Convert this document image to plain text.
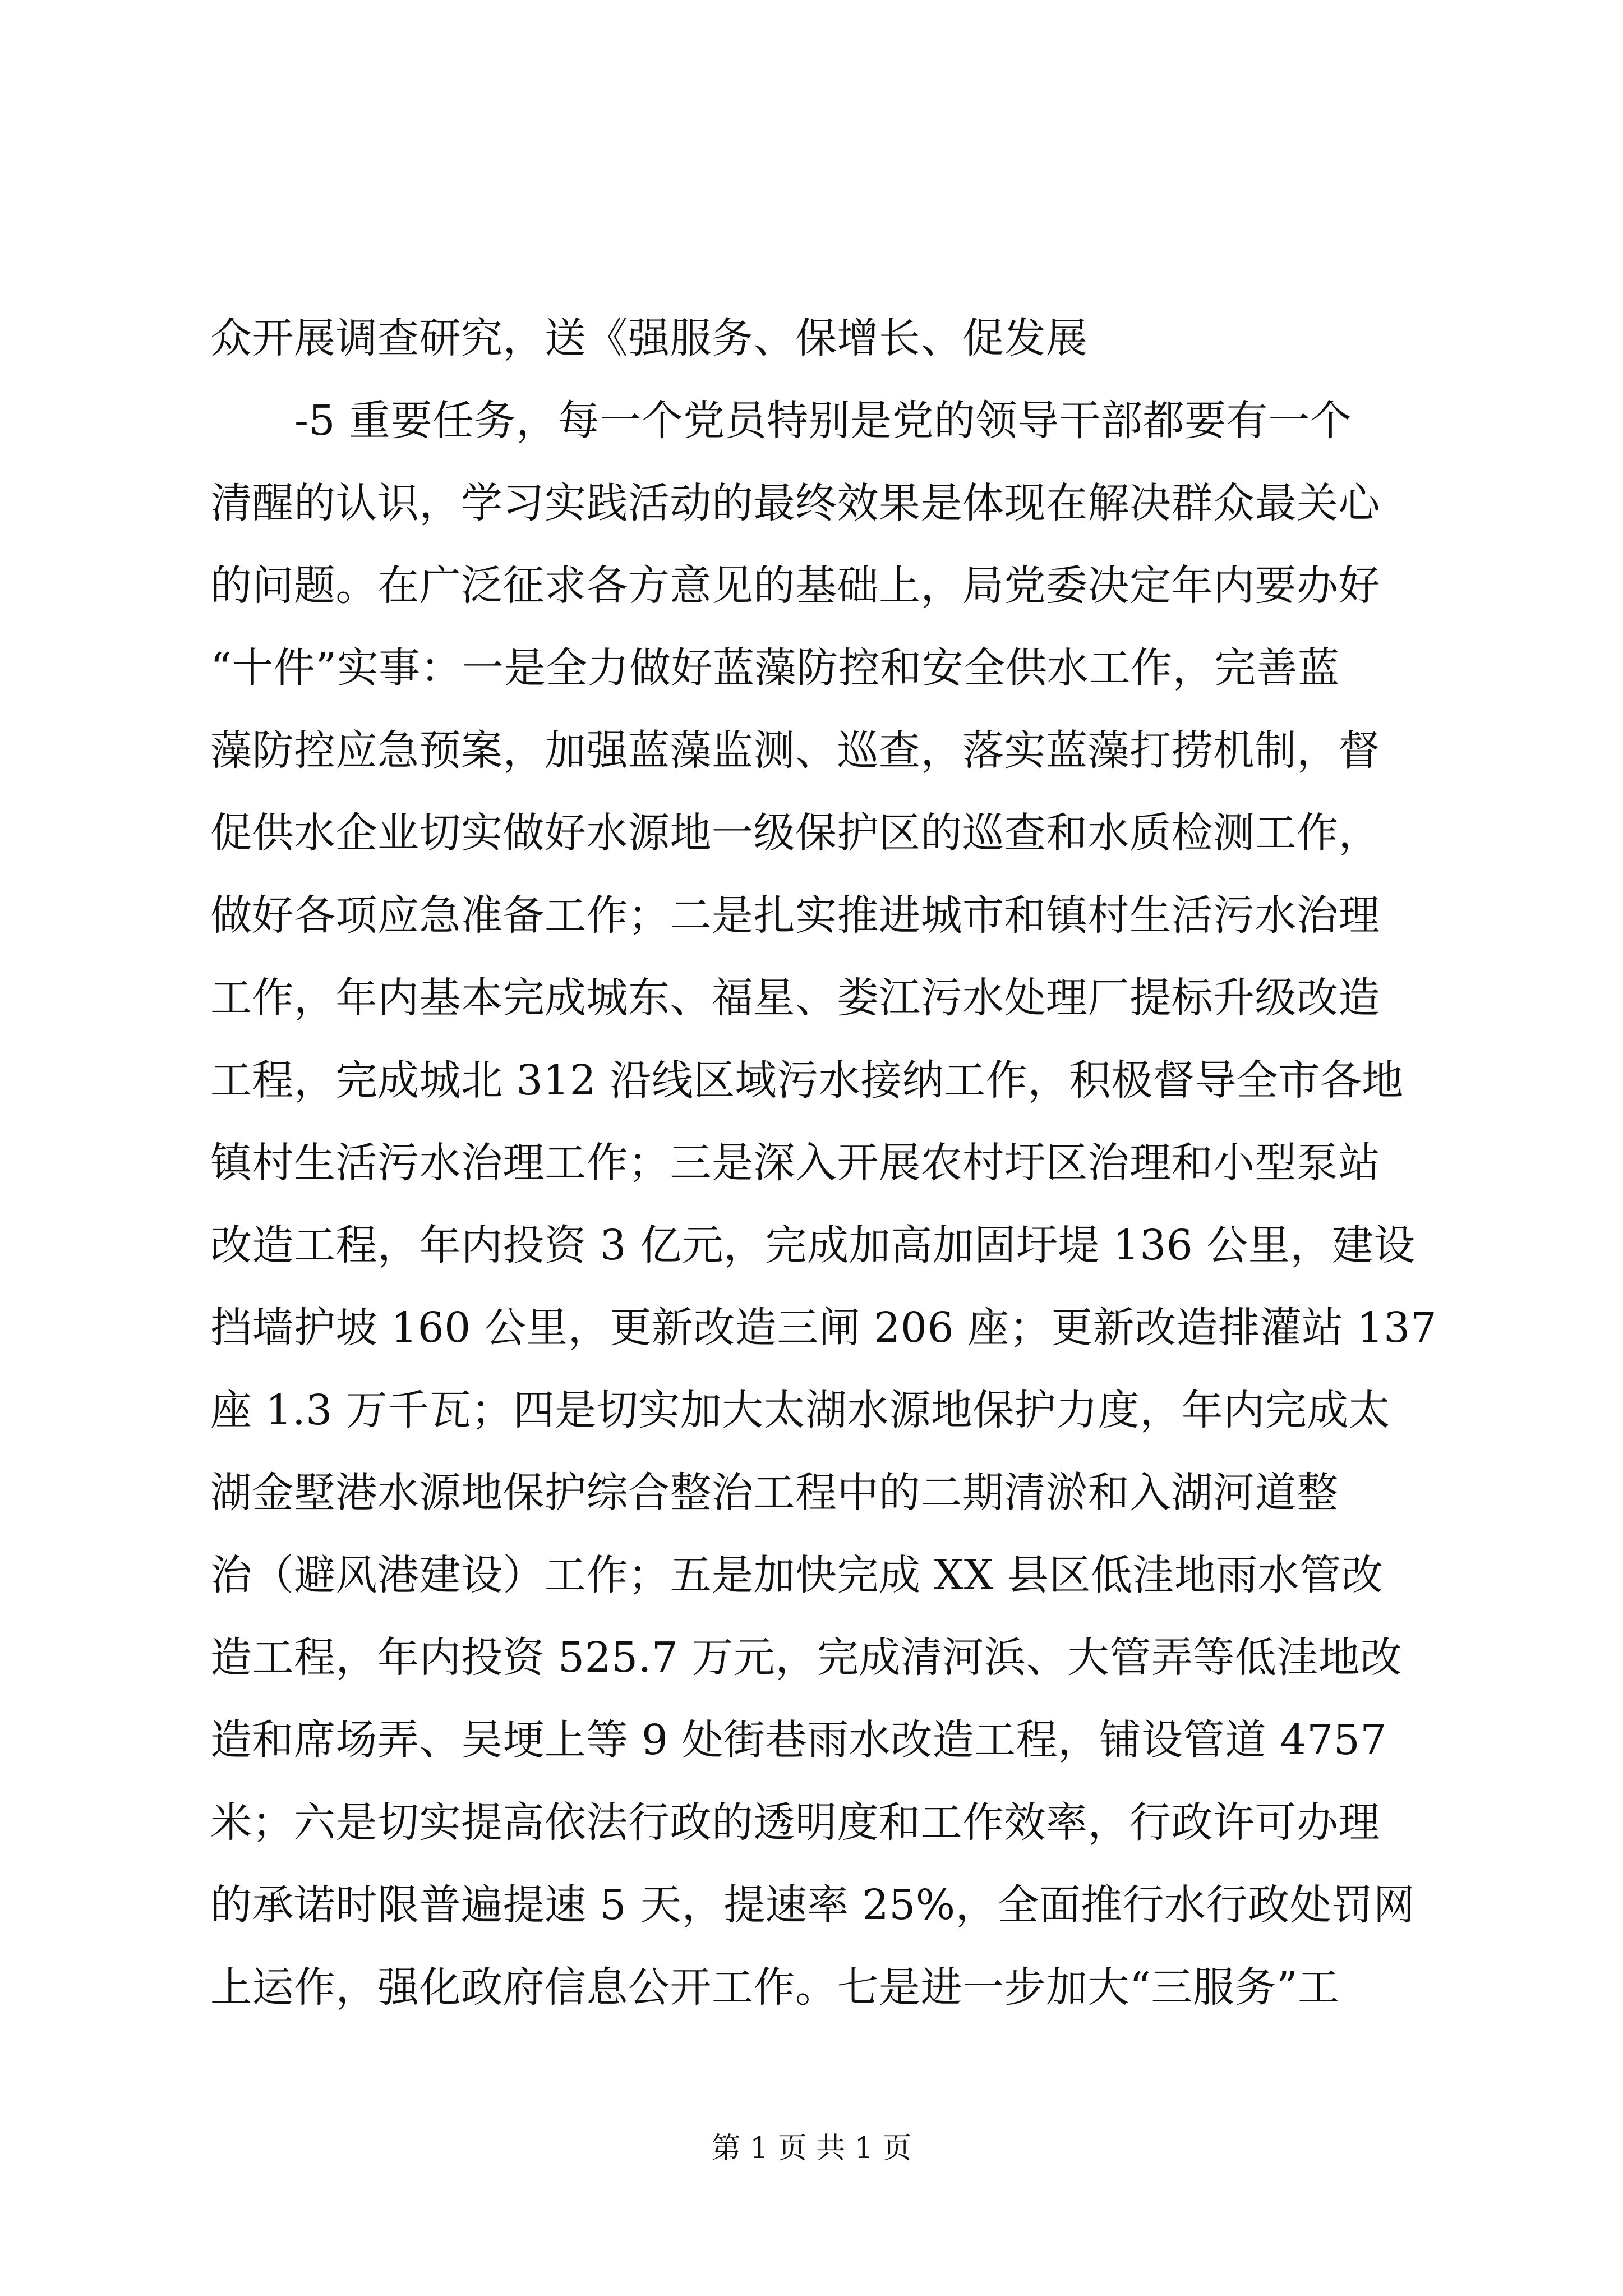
众开展调查研究，送《强服务、保增长、促发展
-5 重要任务，每一个党员特别是党的领导干部都要有一个
清醒的认识，学习实践活动的最终效果是体现在解决群众最关心
的问题。在广泛征求各方意见的基础上，局党委决定年内要办好
“十件”实事：一是全力做好蓝藻防控和安全供水工作，完善蓝
藻防控应急预案，加强蓝藻监测、巡查，落实蓝藻打捞机制，督
促供水企业切实做好水源地一级保护区的巡查和水质检测工作，
做好各项应急准备工作；二是扎实推进城市和镇村生活污水治理
工作，年内基本完成城东、福星、娄江污水处理厂提标升级改造
工程，完成城北 312 沿线区域污水接纳工作，积极督导全市各地
镇村生活污水治理工作；三是深入开展农村圩区治理和小型泵站
改造工程，年内投资 3 亿元，完成加高加固圩堤 136 公里，建设
挡墙护坡 160 公里，更新改造三闸 206 座；更新改造排灌站 137
座 1.3 万千瓦；四是切实加大太湖水源地保护力度，年内完成太
湖金墅港水源地保护综合整治工程中的二期清淤和入湖河道整
治（避风港建设）工作；五是加快完成 XX 县区低洼地雨水管改
造工程，年内投资 525.7 万元，完成清河浜、大管弄等低洼地改
造和席场弄、吴埂上等 9 处街巷雨水改造工程，铺设管道 4757
米；六是切实提高依法行政的透明度和工作效率，行政许可办理
的承诺时限普遍提速 5 天，提速率 25%，全面推行水行政处罚网
上运作，强化政府信息公开工作。七是进一步加大“三服务”工
第 1 页 共 1 页
